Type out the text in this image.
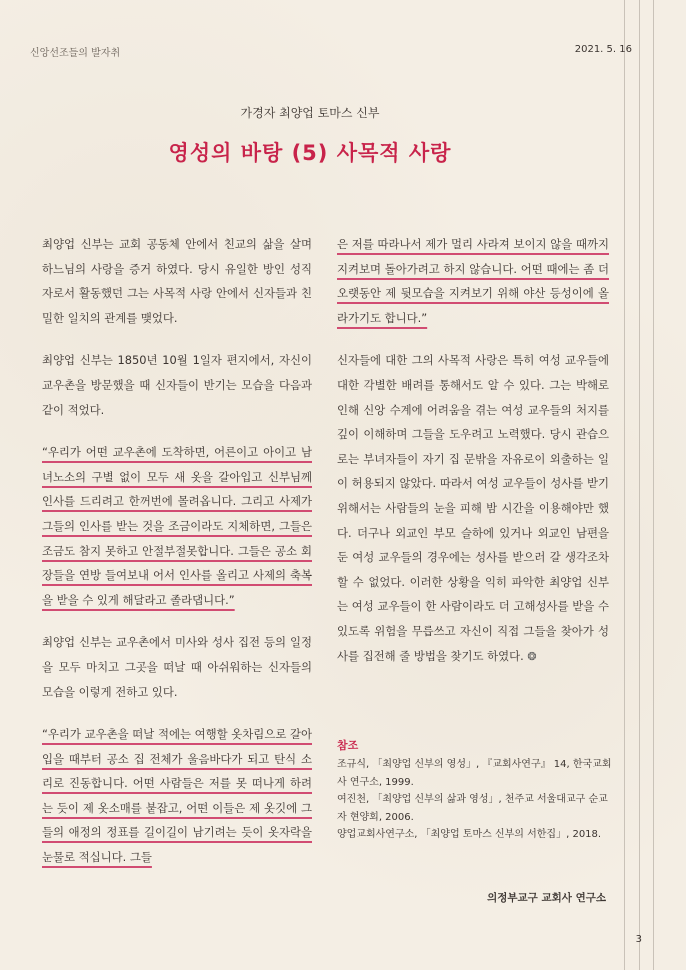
신앙선조들의 발자취	2021. 5. 16
가경자 최양업 토마스 신부
영성의 바탕 (5) 사목적 사랑

최양업 신부는 교회 공동체 안에서 친교의 삶을 살며 하느님의 사랑을 증거 하였다. 당시 유일한 방인 성직자로서 활동했던 그는 사목적 사랑 안에서 신자들과 친밀한 일치의 관계를 맺었다.

최양업 신부는 1850년 10월 1일자 편지에서, 자신이 교우촌을 방문했을 때 신자들이 반기는 모습을 다음과 같이 적었다.

“우리가 어떤 교우촌에 도착하면, 어른이고 아이고 남녀노소의 구별 없이 모두 새 옷을 갈아입고 신부님께 인사를 드리려고 한꺼번에 몰려옵니다. 그리고 사제가 그들의 인사를 받는 것을 조금이라도 지체하면, 그들은 조금도 참지 못하고 안절부절못합니다. 그들은 공소 회장들을 연방 들여보내 어서 인사를 올리고 사제의 축복을 받을 수 있게 해달라고 졸라댑니다.”

최양업 신부는 교우촌에서 미사와 성사 집전 등의 일정을 모두 마치고 그곳을 떠날 때 아쉬워하는 신자들의 모습을 이렇게 전하고 있다.

“우리가 교우촌을 떠날 적에는 여행할 옷차림으로 갈아입을 때부터 공소 집 전체가 울음바다가 되고 탄식 소리로 진동합니다. 어떤 사람들은 저를 못 떠나게 하려는 듯이 제 옷소매를 붙잡고, 어떤 이들은 제 옷깃에 그들의 애정의 정표를 길이길이 남기려는 듯이 옷자락을 눈물로 적십니다. 그들

은 저를 따라나서 제가 멀리 사라져 보이지 않을 때까지 지켜보며 돌아가려고 하지 않습니다. 어떤 때에는 좀 더 오랫동안 제 뒷모습을 지켜보기 위해 야산 등성이에 올라가기도 합니다.”

신자들에 대한 그의 사목적 사랑은 특히 여성 교우들에 대한 각별한 배려를 통해서도 알 수 있다. 그는 박해로 인해 신앙 수계에 어려움을 겪는 여성 교우들의 처지를 깊이 이해하며 그들을 도우려고 노력했다. 당시 관습으로는 부녀자들이 자기 집 문밖을 자유로이 외출하는 일이 허용되지 않았다. 따라서 여성 교우들이 성사를 받기 위해서는 사람들의 눈을 피해 밤 시간을 이용해야만 했다. 더구나 외교인 부모 슬하에 있거나 외교인 남편을 둔 여성 교우들의 경우에는 성사를 받으러 갈 생각조차 할 수 없었다. 이러한 상황을 익히 파악한 최양업 신부는 여성 교우들이 한 사람이라도 더 고해성사를 받을 수 있도록 위험을 무릅쓰고 자신이 직접 그들을 찾아가 성사를 집전해 줄 방법을 찾기도 하였다. ❂

참조
조규식, 「최양업 신부의 영성」, 『교회사연구』 14, 한국교회사 연구소, 1999.
여진천, 「최양업 신부의 삶과 영성」, 천주교 서울대교구 순교자 현양회, 2006.
양업교회사연구소, 「최양업 토마스 신부의 서한집」, 2018.
의정부교구 교회사 연구소
3
